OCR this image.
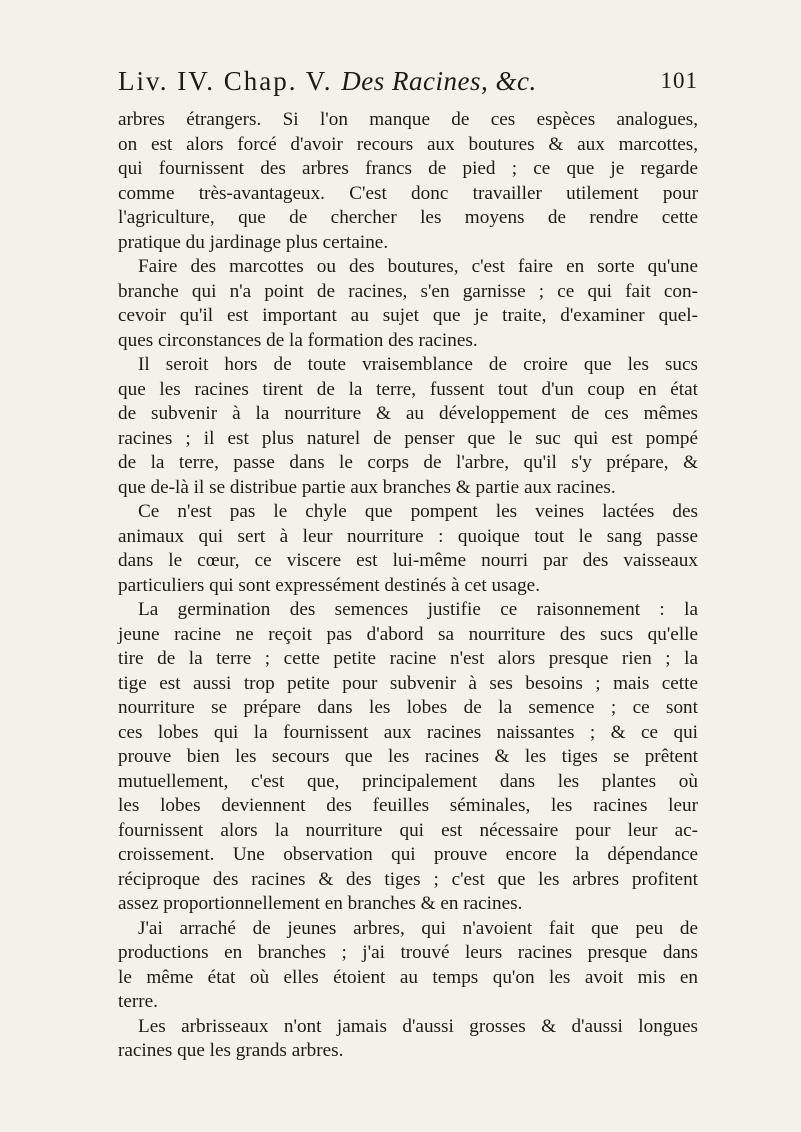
Liv. IV. Chap. V. Des Racines, &c.	101
arbres étrangers. Si l'on manque de ces espèces analogues,
on est alors forcé d'avoir recours aux boutures & aux marcottes,
qui fournissent des arbres francs de pied ; ce que je regarde
comme très-avantageux. C'est donc travailler utilement pour
l'agriculture, que de chercher les moyens de rendre cette
pratique du jardinage plus certaine.
Faire des marcottes ou des boutures, c'est faire en sorte qu'une
branche qui n'a point de racines, s'en garnisse ; ce qui fait con-
cevoir qu'il est important au sujet que je traite, d'examiner quel-
ques circonstances de la formation des racines.
Il seroit hors de toute vraisemblance de croire que les sucs
que les racines tirent de la terre, fussent tout d'un coup en état
de subvenir à la nourriture & au développement de ces mêmes
racines ; il est plus naturel de penser que le suc qui est pompé
de la terre, passe dans le corps de l'arbre, qu'il s'y prépare, &
que de-là il se distribue partie aux branches & partie aux racines.
Ce n'est pas le chyle que pompent les veines lactées des
animaux qui sert à leur nourriture : quoique tout le sang passe
dans le cœur, ce viscere est lui-même nourri par des vaisseaux
particuliers qui sont expressément destinés à cet usage.
La germination des semences justifie ce raisonnement : la
jeune racine ne reçoit pas d'abord sa nourriture des sucs qu'elle
tire de la terre ; cette petite racine n'est alors presque rien ; la
tige est aussi trop petite pour subvenir à ses besoins ; mais cette
nourriture se prépare dans les lobes de la semence ; ce sont
ces lobes qui la fournissent aux racines naissantes ; & ce qui
prouve bien les secours que les racines & les tiges se prêtent
mutuellement, c'est que, principalement dans les plantes où
les lobes deviennent des feuilles séminales, les racines leur
fournissent alors la nourriture qui est nécessaire pour leur ac-
croissement. Une observation qui prouve encore la dépendance
réciproque des racines & des tiges ; c'est que les arbres profitent
assez proportionnellement en branches & en racines.
J'ai arraché de jeunes arbres, qui n'avoient fait que peu de
productions en branches ; j'ai trouvé leurs racines presque dans
le même état où elles étoient au temps qu'on les avoit mis en
terre.
Les arbrisseaux n'ont jamais d'aussi grosses & d'aussi longues
racines que les grands arbres.
